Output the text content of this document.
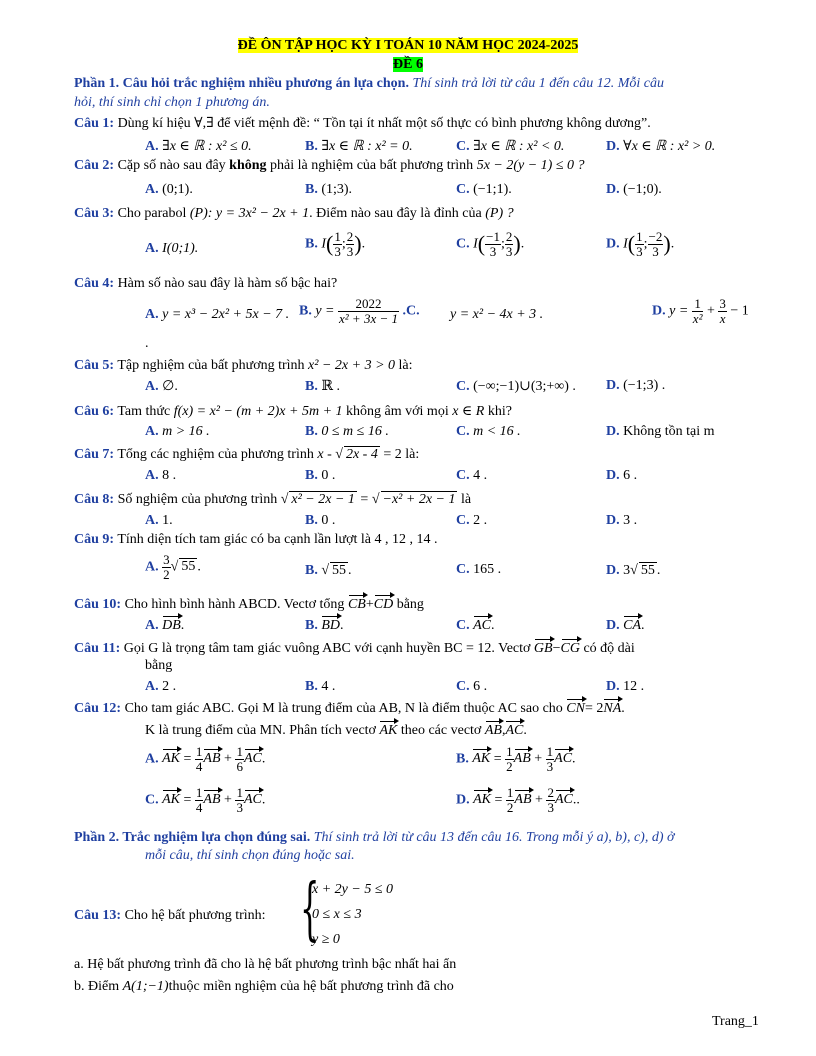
ĐỀ ÔN TẬP HỌC KỲ I TOÁN 10 NĂM HỌC 2024-2025
ĐỀ 6
Phần 1. Câu hỏi trắc nghiệm nhiều phương án lựa chọn. Thí sinh trả lời từ câu 1 đến câu 12. Mỗi câu
hỏi, thí sinh chỉ chọn 1 phương án.
Câu 1: Dùng kí hiệu ∀,∃ để viết mệnh đề: “ Tồn tại ít nhất một số thực có bình phương không dương”.
A. ∃x ∈ ℝ : x² ≤ 0.	B. ∃x ∈ ℝ : x² = 0.	C. ∃x ∈ ℝ : x² < 0.	D. ∀x ∈ ℝ : x² > 0.
Câu 2: Cặp số nào sau đây không phải là nghiệm của bất phương trình 5x − 2(y − 1) ≤ 0 ?
A. (0;1).	B. (1;3).	C. (−1;1).	D. (−1;0).
Câu 3: Cho parabol (P): y = 3x² − 2x + 1. Điểm nào sau đây là đỉnh của (P) ?
A. I(0;1).	B. $I( \frac{1}{3}$ ; $\frac{2}{3}$ ).	C. $I( \frac{-1}{3}$ ; $\frac{2}{3}$ ).	D. $I( \frac{1}{3}$ ; $\frac{-2}{3}$ ).
Câu 4: Hàm số nào sau đây là hàm số bậc hai?
A. y = x³ − 2x² + 5x − 7 . B. $y = \frac{2022}{\text{x² + 3x − 1}} .C$. y = x² − 4x + 3 .	D. $y = \frac{1}{\text{x²}} + \frac{3}{x} - 1$
.
Câu 5: Tập nghiệm của bất phương trình x² − 2x + 3 > 0 là:
A. ∅.	B. ℝ .	C. (−∞;−1)∪(3;+∞) . D. (−1;3) .
Câu 6: Tam thức f(x) = x² − (m + 2)x + 5m + 1 không âm với mọi x ∈ R khi?
A. m > 16 .	B. 0 ≤ m ≤ 16 .	C. m < 16 .	D. Không tồn tại m
Câu 7: Tổng các nghiệm của phương trình x - √ 2x - 4 = 2 là:
A. 8 .	B. 0 .	C. 4 .	D. 6 .
Câu 8: Số nghiệm của phương trình √ x² − 2x − 1 = √ −x² + 2x − 1 là
A. 1.	B. 0 .	C. 2 .	D. 3 .
Câu 9: Tính diện tích tam giác có ba cạnh lần lượt là 4 , 12 , 14 .
A. $\frac{3}{2}$ √ 55 .	B. √ 55 .	C. 165 .	D. 3√ 55 .
Câu 10: Cho hình bình hành ABCD. Vectơ tổng CB+CD bằng
A. DB.	B. BD.	C. AC.	D. CA.
Câu 11: Gọi G là trọng tâm tam giác vuông ABC với cạnh huyền BC = 12. Vectơ GB−CG có độ dài
bằng
A. 2 .	B. 4 .	C. 6 .	D. 12 .
Câu 12: Cho tam giác ABC. Gọi M là trung điểm của AB, N là điểm thuộc AC sao cho CN= 2NA.
K là trung điểm của MN. Phân tích vectơ AK theo các vectơ AB,AC.
A. AK = $\frac{1}{4}$ AB + $\frac{1}{6}$ AC.	B. AK = $\frac{1}{2}$ AB + $\frac{1}{3}$ AC.
C. AK = $\frac{1}{4}$ AB + $\frac{1}{3}$ AC.	D. AK = $\frac{1}{2}$ AB + $\frac{2}{3}$ AC..
Phần 2. Trắc nghiệm lựa chọn đúng sai. Thí sinh trả lời từ câu 13 đến câu 16. Trong mỗi ý a), b), c), d) ở
mỗi câu, thí sinh chọn đúng hoặc sai.
Câu 13: Cho hệ bất phương trình: {
x + 2y − 5 ≤ 0
0 ≤ x ≤ 3
y ≥ 0
a. Hệ bất phương trình đã cho là hệ bất phương trình bậc nhất hai ẩn
b. Điểm A(1;−1)thuộc miền nghiệm của hệ bất phương trình đã cho
Trang_1
